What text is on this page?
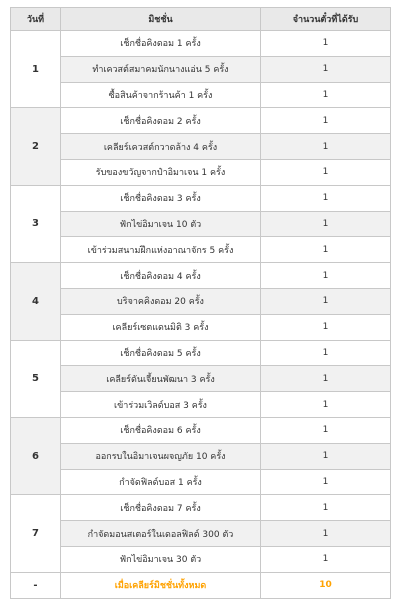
วันที่	มิชชั่น	จำนวนตั๋วที่ได้รับ
1	เช็กชื่อคิงดอม 1 ครั้ง	1
	ทำเควสต์สมาคมนักนางแอ่น 5 ครั้ง	1
	ซื้อสินค้าจากร้านค้า 1 ครั้ง	1
2	เช็กชื่อคิงดอม 2 ครั้ง	1
	เคลียร์เควสต์กวาดล้าง 4 ครั้ง	1
	รับของขวัญจากป๋าอิมาเจน 1 ครั้ง	1
3	เช็กชื่อคิงดอม 3 ครั้ง	1
	ฟักไข่อิมาเจน 10 ตัว	1
	เข้าร่วมสนามฝึกแห่งอาณาจักร 5 ครั้ง	1
4	เช็กชื่อคิงดอม 4 ครั้ง	1
	บริจาคคิงดอม 20 ครั้ง	1
	เคลียร์เซตแดนมิติ 3 ครั้ง	1
5	เช็กชื่อคิงดอม 5 ครั้ง	1
	เคลียร์ดันเจี้ยนพัฒนา 3 ครั้ง	1
	เข้าร่วมเวิลด์บอส 3 ครั้ง	1
6	เช็กชื่อคิงดอม 6 ครั้ง	1
	ออกรบในอิมาเจนผจญภัย 10 ครั้ง	1
	กำจัดฟิลด์บอส 1 ครั้ง	1
7	เช็กชื่อคิงดอม 7 ครั้ง	1
	กำจัดมอนสเตอร์ในเดอลฟิลด์ 300 ตัว	1
	ฟักไข่อิมาเจน 30 ตัว	1
-	เมื่อเคลียร์มิชชั่นทั้งหมด	10
